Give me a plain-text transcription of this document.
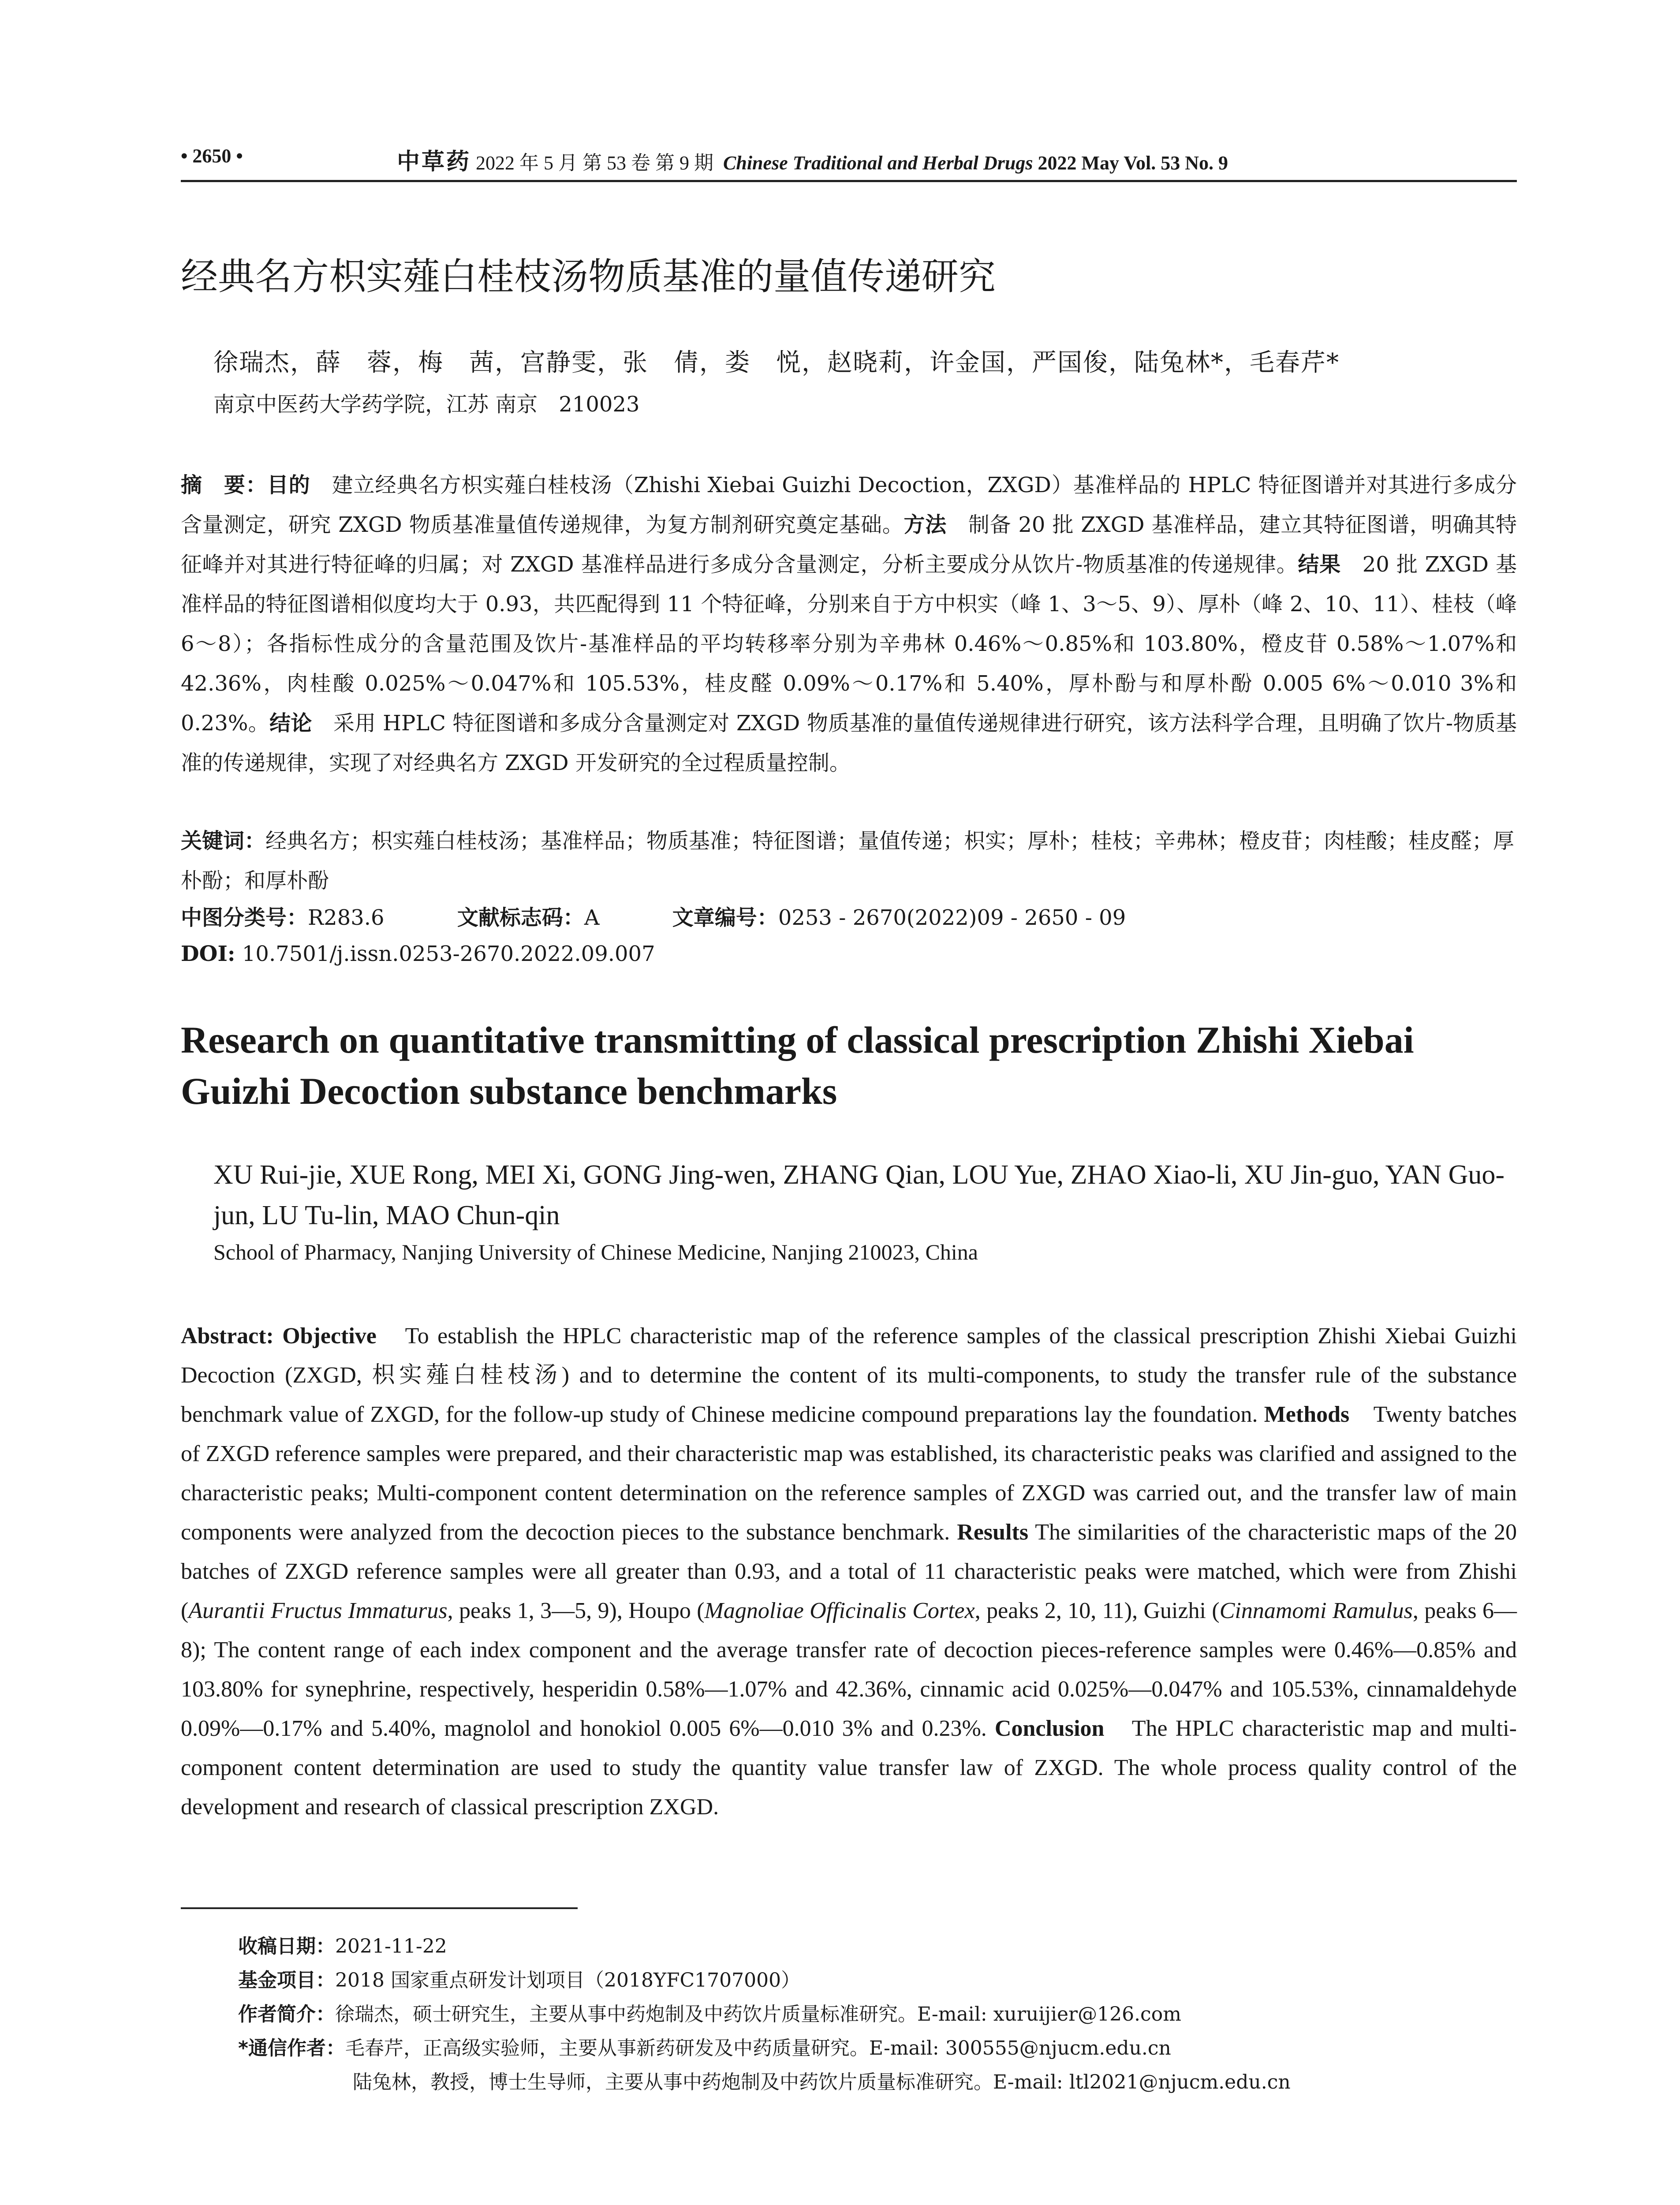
• 2650 •	中草药 2022 年 5 月 第 53 卷 第 9 期 Chinese Traditional and Herbal Drugs 2022 May Vol. 53 No. 9
经典名方枳实薤白桂枝汤物质基准的量值传递研究
徐瑞杰，薛　蓉，梅　茜，宫静雯，张　倩，娄　悦，赵晓莉，许金国，严国俊，陆兔林*，毛春芹*
南京中医药大学药学院，江苏 南京　210023
摘　要：目的　建立经典名方枳实薤白桂枝汤（Zhishi Xiebai Guizhi Decoction，ZXGD）基准样品的 HPLC 特征图谱并对其进行多成分含量测定，研究 ZXGD 物质基准量值传递规律，为复方制剂研究奠定基础。方法　制备 20 批 ZXGD 基准样品，建立其特征图谱，明确其特征峰并对其进行特征峰的归属；对 ZXGD 基准样品进行多成分含量测定，分析主要成分从饮片-物质基准的传递规律。结果　20 批 ZXGD 基准样品的特征图谱相似度均大于 0.93，共匹配得到 11 个特征峰，分别来自于方中枳实（峰 1、3～5、9）、厚朴（峰 2、10、11）、桂枝（峰 6～8）；各指标性成分的含量范围及饮片-基准样品的平均转移率分别为辛弗林 0.46%～0.85%和 103.80%，橙皮苷 0.58%～1.07%和 42.36%，肉桂酸 0.025%～0.047%和 105.53%，桂皮醛 0.09%～0.17%和 5.40%，厚朴酚与和厚朴酚 0.005 6%～0.010 3%和 0.23%。结论　采用 HPLC 特征图谱和多成分含量测定对 ZXGD 物质基准的量值传递规律进行研究，该方法科学合理，且明确了饮片-物质基准的传递规律，实现了对经典名方 ZXGD 开发研究的全过程质量控制。
关键词：经典名方；枳实薤白桂枝汤；基准样品；物质基准；特征图谱；量值传递；枳实；厚朴；桂枝；辛弗林；橙皮苷；肉桂酸；桂皮醛；厚朴酚；和厚朴酚
中图分类号：R283.6	文献标志码：A	文章编号：0253 - 2670(2022)09 - 2650 - 09
DOI: 10.7501/j.issn.0253-2670.2022.09.007
Research on quantitative transmitting of classical prescription Zhishi Xiebai Guizhi Decoction substance benchmarks
XU Rui-jie, XUE Rong, MEI Xi, GONG Jing-wen, ZHANG Qian, LOU Yue, ZHAO Xiao-li, XU Jin-guo, YAN Guo-jun, LU Tu-lin, MAO Chun-qin
School of Pharmacy, Nanjing University of Chinese Medicine, Nanjing 210023, China
Abstract: Objective　To establish the HPLC characteristic map of the reference samples of the classical prescription Zhishi Xiebai Guizhi Decoction (ZXGD, 枳实薤白桂枝汤) and to determine the content of its multi-components, to study the transfer rule of the substance benchmark value of ZXGD, for the follow-up study of Chinese medicine compound preparations lay the foundation. Methods　Twenty batches of ZXGD reference samples were prepared, and their characteristic map was established, its characteristic peaks was clarified and assigned to the characteristic peaks; Multi-component content determination on the reference samples of ZXGD was carried out, and the transfer law of main components were analyzed from the decoction pieces to the substance benchmark. Results The similarities of the characteristic maps of the 20 batches of ZXGD reference samples were all greater than 0.93, and a total of 11 characteristic peaks were matched, which were from Zhishi (Aurantii Fructus Immaturus, peaks 1, 3—5, 9), Houpo (Magnoliae Officinalis Cortex, peaks 2, 10, 11), Guizhi (Cinnamomi Ramulus, peaks 6—8); The content range of each index component and the average transfer rate of decoction pieces-reference samples were 0.46%—0.85% and 103.80% for synephrine, respectively, hesperidin 0.58%—1.07% and 42.36%, cinnamic acid 0.025%—0.047% and 105.53%, cinnamaldehyde 0.09%—0.17% and 5.40%, magnolol and honokiol 0.005 6%—0.010 3% and 0.23%. Conclusion　The HPLC characteristic map and multi-component content determination are used to study the quantity value transfer law of ZXGD. The whole process quality control of the development and research of classical prescription ZXGD.
收稿日期：2021-11-22
基金项目：2018 国家重点研发计划项目（2018YFC1707000）
作者简介：徐瑞杰，硕士研究生，主要从事中药炮制及中药饮片质量标准研究。E-mail: xuruijier@126.com
*通信作者：毛春芹，正高级实验师，主要从事新药研发及中药质量研究。E-mail: 300555@njucm.edu.cn
陆兔林，教授，博士生导师，主要从事中药炮制及中药饮片质量标准研究。E-mail: ltl2021@njucm.edu.cn
